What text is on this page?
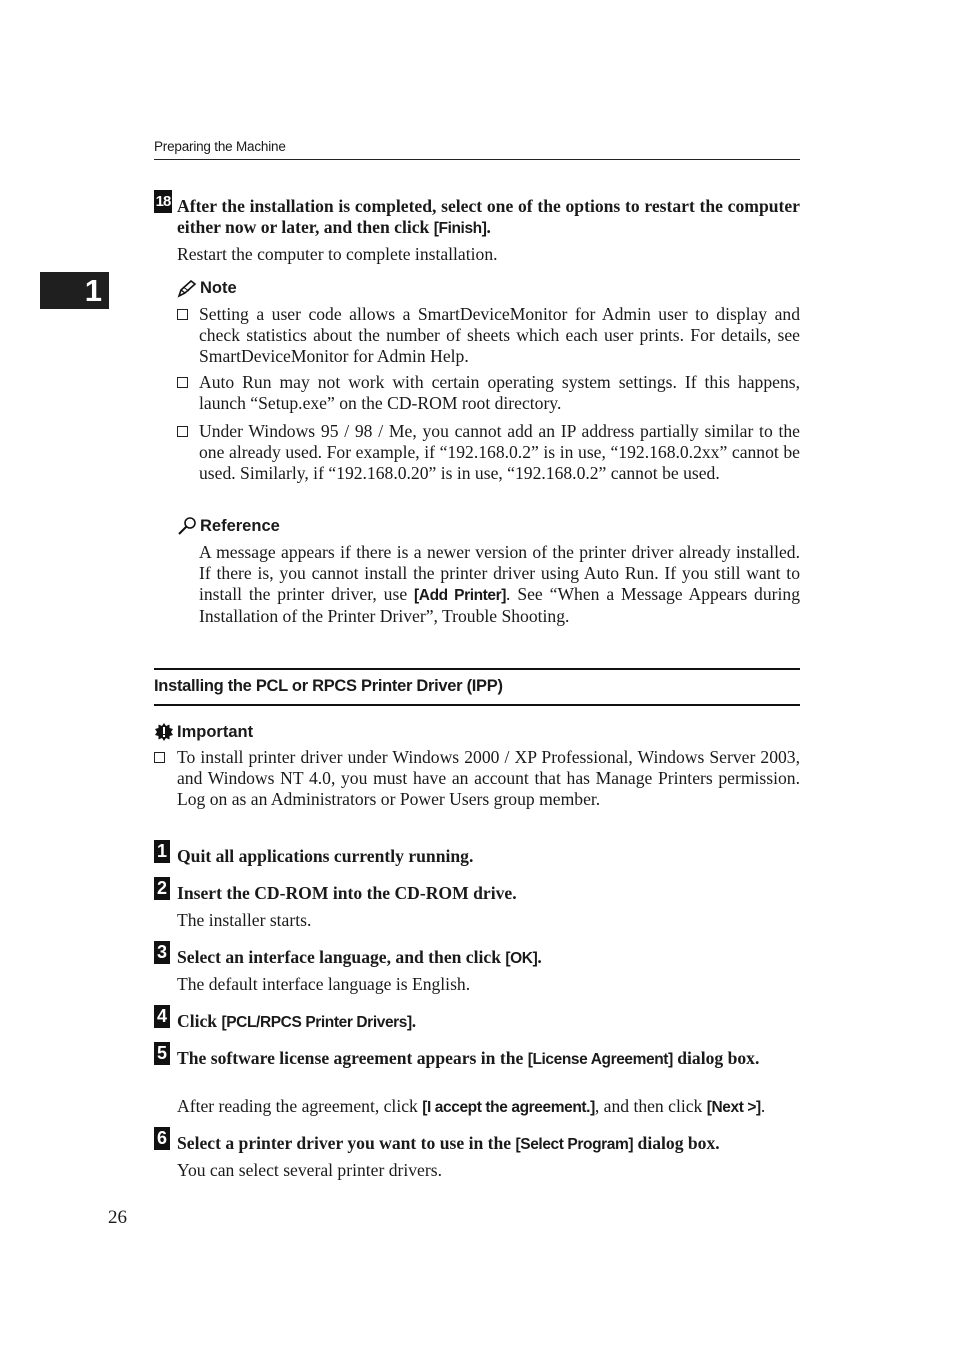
Preparing the Machine
1
18 After the installation is completed, select one of the options to restart the computer either now or later, and then click [Finish].
Restart the computer to complete installation.
Note
Setting a user code allows a SmartDeviceMonitor for Admin user to display and check statistics about the number of sheets which each user prints. For details, see SmartDeviceMonitor for Admin Help.
Auto Run may not work with certain operating system settings. If this happens, launch “Setup.exe” on the CD-ROM root directory.
Under Windows 95 / 98 / Me, you cannot add an IP address partially similar to the one already used. For example, if “192.168.0.2” is in use, “192.168.0.2xx” cannot be used. Similarly, if “192.168.0.20” is in use, “192.168.0.2” cannot be used.
Reference
A message appears if there is a newer version of the printer driver already installed. If there is, you cannot install the printer driver using Auto Run. If you still want to install the printer driver, use [Add Printer]. See “When a Message Appears during Installation of the Printer Driver”, Trouble Shooting.
Installing the PCL or RPCS Printer Driver (IPP)
Important
To install printer driver under Windows 2000 / XP Professional, Windows Server 2003, and Windows NT 4.0, you must have an account that has Manage Printers permission. Log on as an Administrators or Power Users group member.
1 Quit all applications currently running.
2 Insert the CD-ROM into the CD-ROM drive.
The installer starts.
3 Select an interface language, and then click [OK].
The default interface language is English.
4 Click [PCL/RPCS Printer Drivers].
5 The software license agreement appears in the [License Agreement] dialog box.
After reading the agreement, click [I accept the agreement.], and then click [Next >].
6 Select a printer driver you want to use in the [Select Program] dialog box.
You can select several printer drivers.
26
